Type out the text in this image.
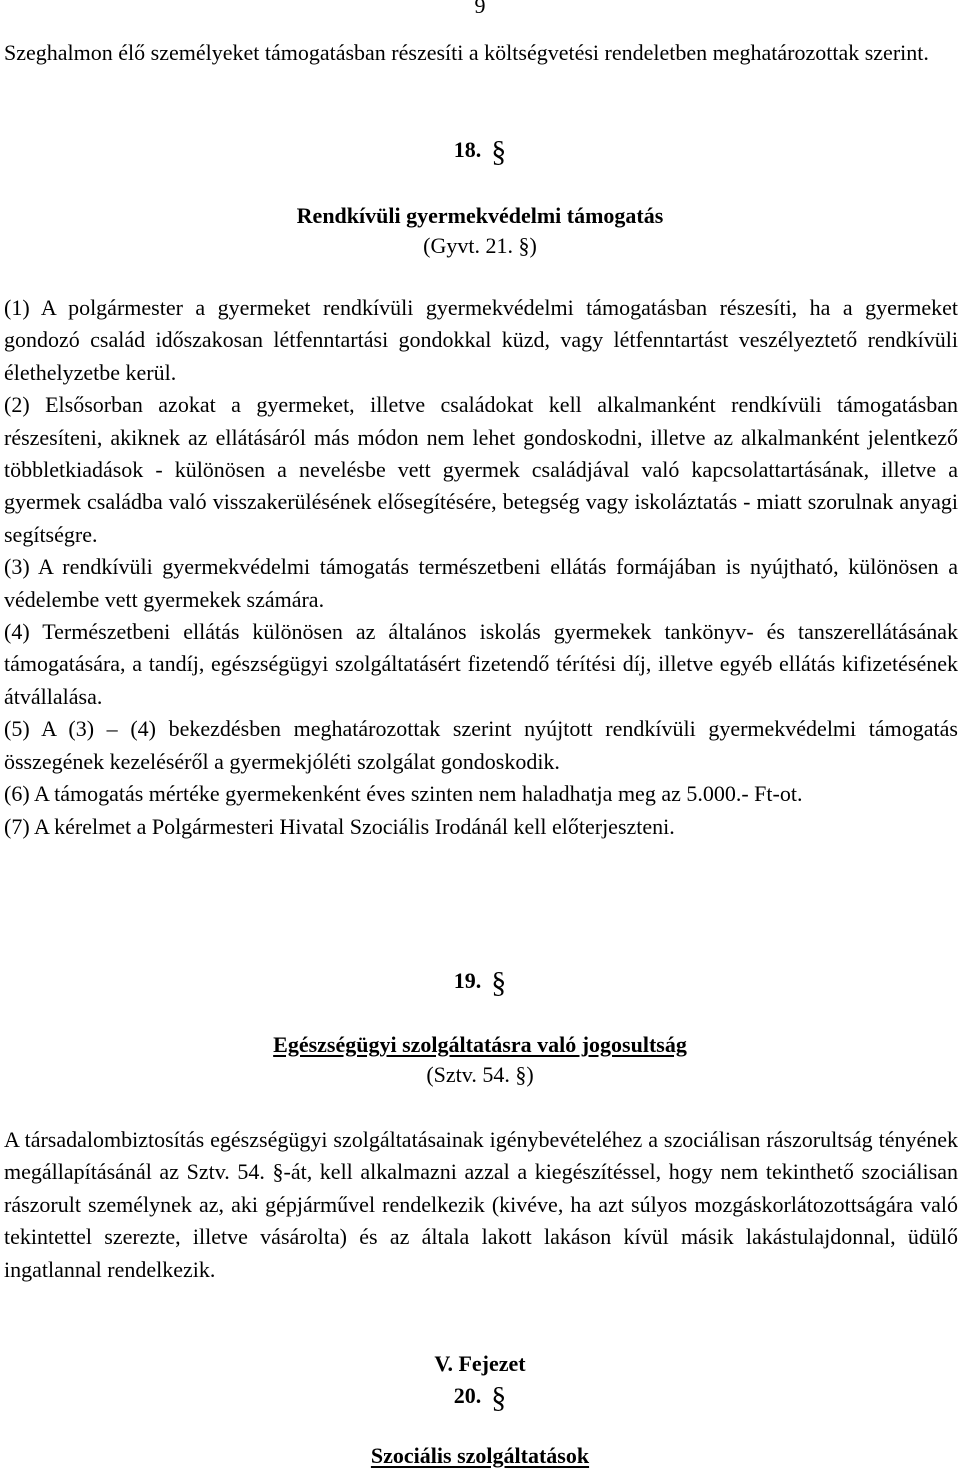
9

Szeghalmon élő személyeket támogatásban részesíti a költségvetési rendeletben meghatározottak szerint.

18. §
Rendkívüli gyermekvédelmi támogatás
(Gyvt. 21. §)

(1) A polgármester a gyermeket rendkívüli gyermekvédelmi támogatásban részesíti, ha a gyermeket gondozó család időszakosan létfenntartási gondokkal küzd, vagy létfenntartást veszélyeztető rendkívüli élethelyzetbe kerül.

(2) Elsősorban azokat a gyermeket, illetve családokat kell alkalmanként rendkívüli támogatásban részesíteni, akiknek az ellátásáról más módon nem lehet gondoskodni, illetve az alkalmanként jelentkező többletkiadások - különösen a nevelésbe vett gyermek családjával való kapcsolattartásának, illetve a gyermek családba való visszakerülésének elősegítésére, betegség vagy iskoláztatás - miatt szorulnak anyagi segítségre.

(3) A rendkívüli gyermekvédelmi támogatás természetbeni ellátás formájában is nyújtható, különösen a védelembe vett gyermekek számára.

(4) Természetbeni ellátás különösen az általános iskolás gyermekek tankönyv- és tanszerellátásának támogatására, a tandíj, egészségügyi szolgáltatásért fizetendő térítési díj, illetve egyéb ellátás kifizetésének átvállalása.

(5) A (3) – (4) bekezdésben meghatározottak szerint nyújtott rendkívüli gyermekvédelmi támogatás összegének kezeléséről a gyermekjóléti szolgálat gondoskodik.

(6) A támogatás mértéke gyermekenként éves szinten nem haladhatja meg az 5.000.- Ft-ot.

(7) A kérelmet a Polgármesteri Hivatal Szociális Irodánál kell előterjeszteni.

19. §
Egészségügyi szolgáltatásra való jogosultság
(Sztv. 54. §)

A társadalombiztosítás egészségügyi szolgáltatásainak igénybevételéhez a szociálisan rászorultság tényének megállapításánál az Sztv. 54. §-át, kell alkalmazni azzal a kiegészítéssel, hogy nem tekinthető szociálisan rászorult személynek az, aki gépjárművel rendelkezik (kivéve, ha azt súlyos mozgáskorlátozottságára való tekintettel szerezte, illetve vásárolta) és az általa lakott lakáson kívül másik lakástulajdonnal, üdülő ingatlannal rendelkezik.

V. Fejezet
20. §
Szociális szolgáltatások
